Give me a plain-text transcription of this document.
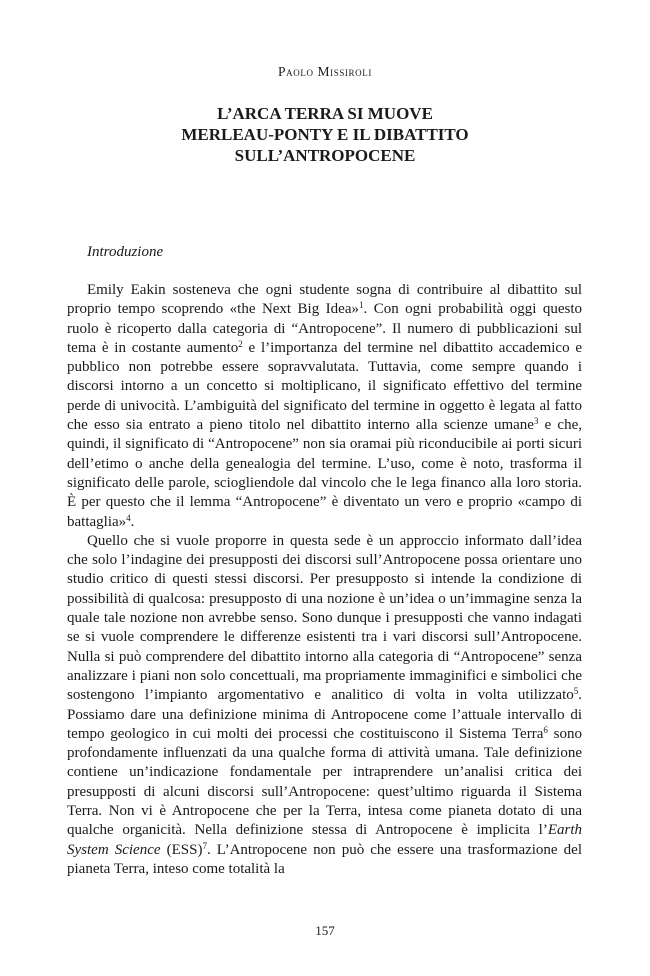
Paolo Missiroli
L’ARCA TERRA SI MUOVE
MERLEAU-PONTY E IL DIBATTITO
SULL’ANTROPOCENE
Introduzione

Emily Eakin sosteneva che ogni studente sogna di contribuire al dibattito sul proprio tempo scoprendo «the Next Big Idea»$^1$. Con ogni probabilità oggi questo ruolo è ricoperto dalla categoria di “Antropocene”. Il numero di pubblicazioni sul tema è in costante aumento$^2$ e l’importanza del termine nel dibattito accademico e pubblico non potrebbe essere sopravvalutata. Tuttavia, come sempre quando i discorsi intorno a un concetto si moltiplicano, il significato effettivo del termine perde di univocità. L’ambiguità del significato del termine in oggetto è legata al fatto che esso sia entrato a pieno titolo nel dibattito interno alla scienze umane$^3$ e che, quindi, il significato di “Antropocene” non sia oramai più riconducibile ai porti sicuri dell’etimo o anche della genealogia del termine. L’uso, come è noto, trasforma il significato delle parole, sciogliendole dal vincolo che le lega financo alla loro storia. È per questo che il lemma “Antropocene” è diventato un vero e proprio «campo di battaglia»$^4$.

Quello che si vuole proporre in questa sede è un approccio informato dall’idea che solo l’indagine dei presupposti dei discorsi sull’Antropocene possa orientare uno studio critico di questi stessi discorsi. Per presupposto si intende la condizione di possibilità di qualcosa: presupposto di una nozione è un’idea o un’immagine senza la quale tale nozione non avrebbe senso. Sono dunque i presupposti che vanno indagati se si vuole comprendere le differenze esistenti tra i vari discorsi sull’Antropocene. Nulla si può comprendere del dibattito intorno alla categoria di “Antropocene” senza analizzare i piani non solo concettuali, ma propriamente immaginifici e simbolici che sostengono l’impianto argomentativo e analitico di volta in volta utilizzato$^5$. Possiamo dare una definizione minima di Antropocene come l’attuale intervallo di tempo geologico in cui molti dei processi che costituiscono il Sistema Terra$^6$ sono profondamente influenzati da una qualche forma di attività umana. Tale definizione contiene un’indicazione fondamentale per intraprendere un’analisi critica dei presupposti di alcuni discorsi sull’Antropocene: quest’ultimo riguarda il Sistema Terra. Non vi è Antropocene che per la Terra, intesa come pianeta dotato di una qualche organicità. Nella definizione stessa di Antropocene è implicita l’Earth System Science (ESS)$^7$. L’Antropocene non può che essere una trasformazione del pianeta Terra, inteso come totalità la

157
